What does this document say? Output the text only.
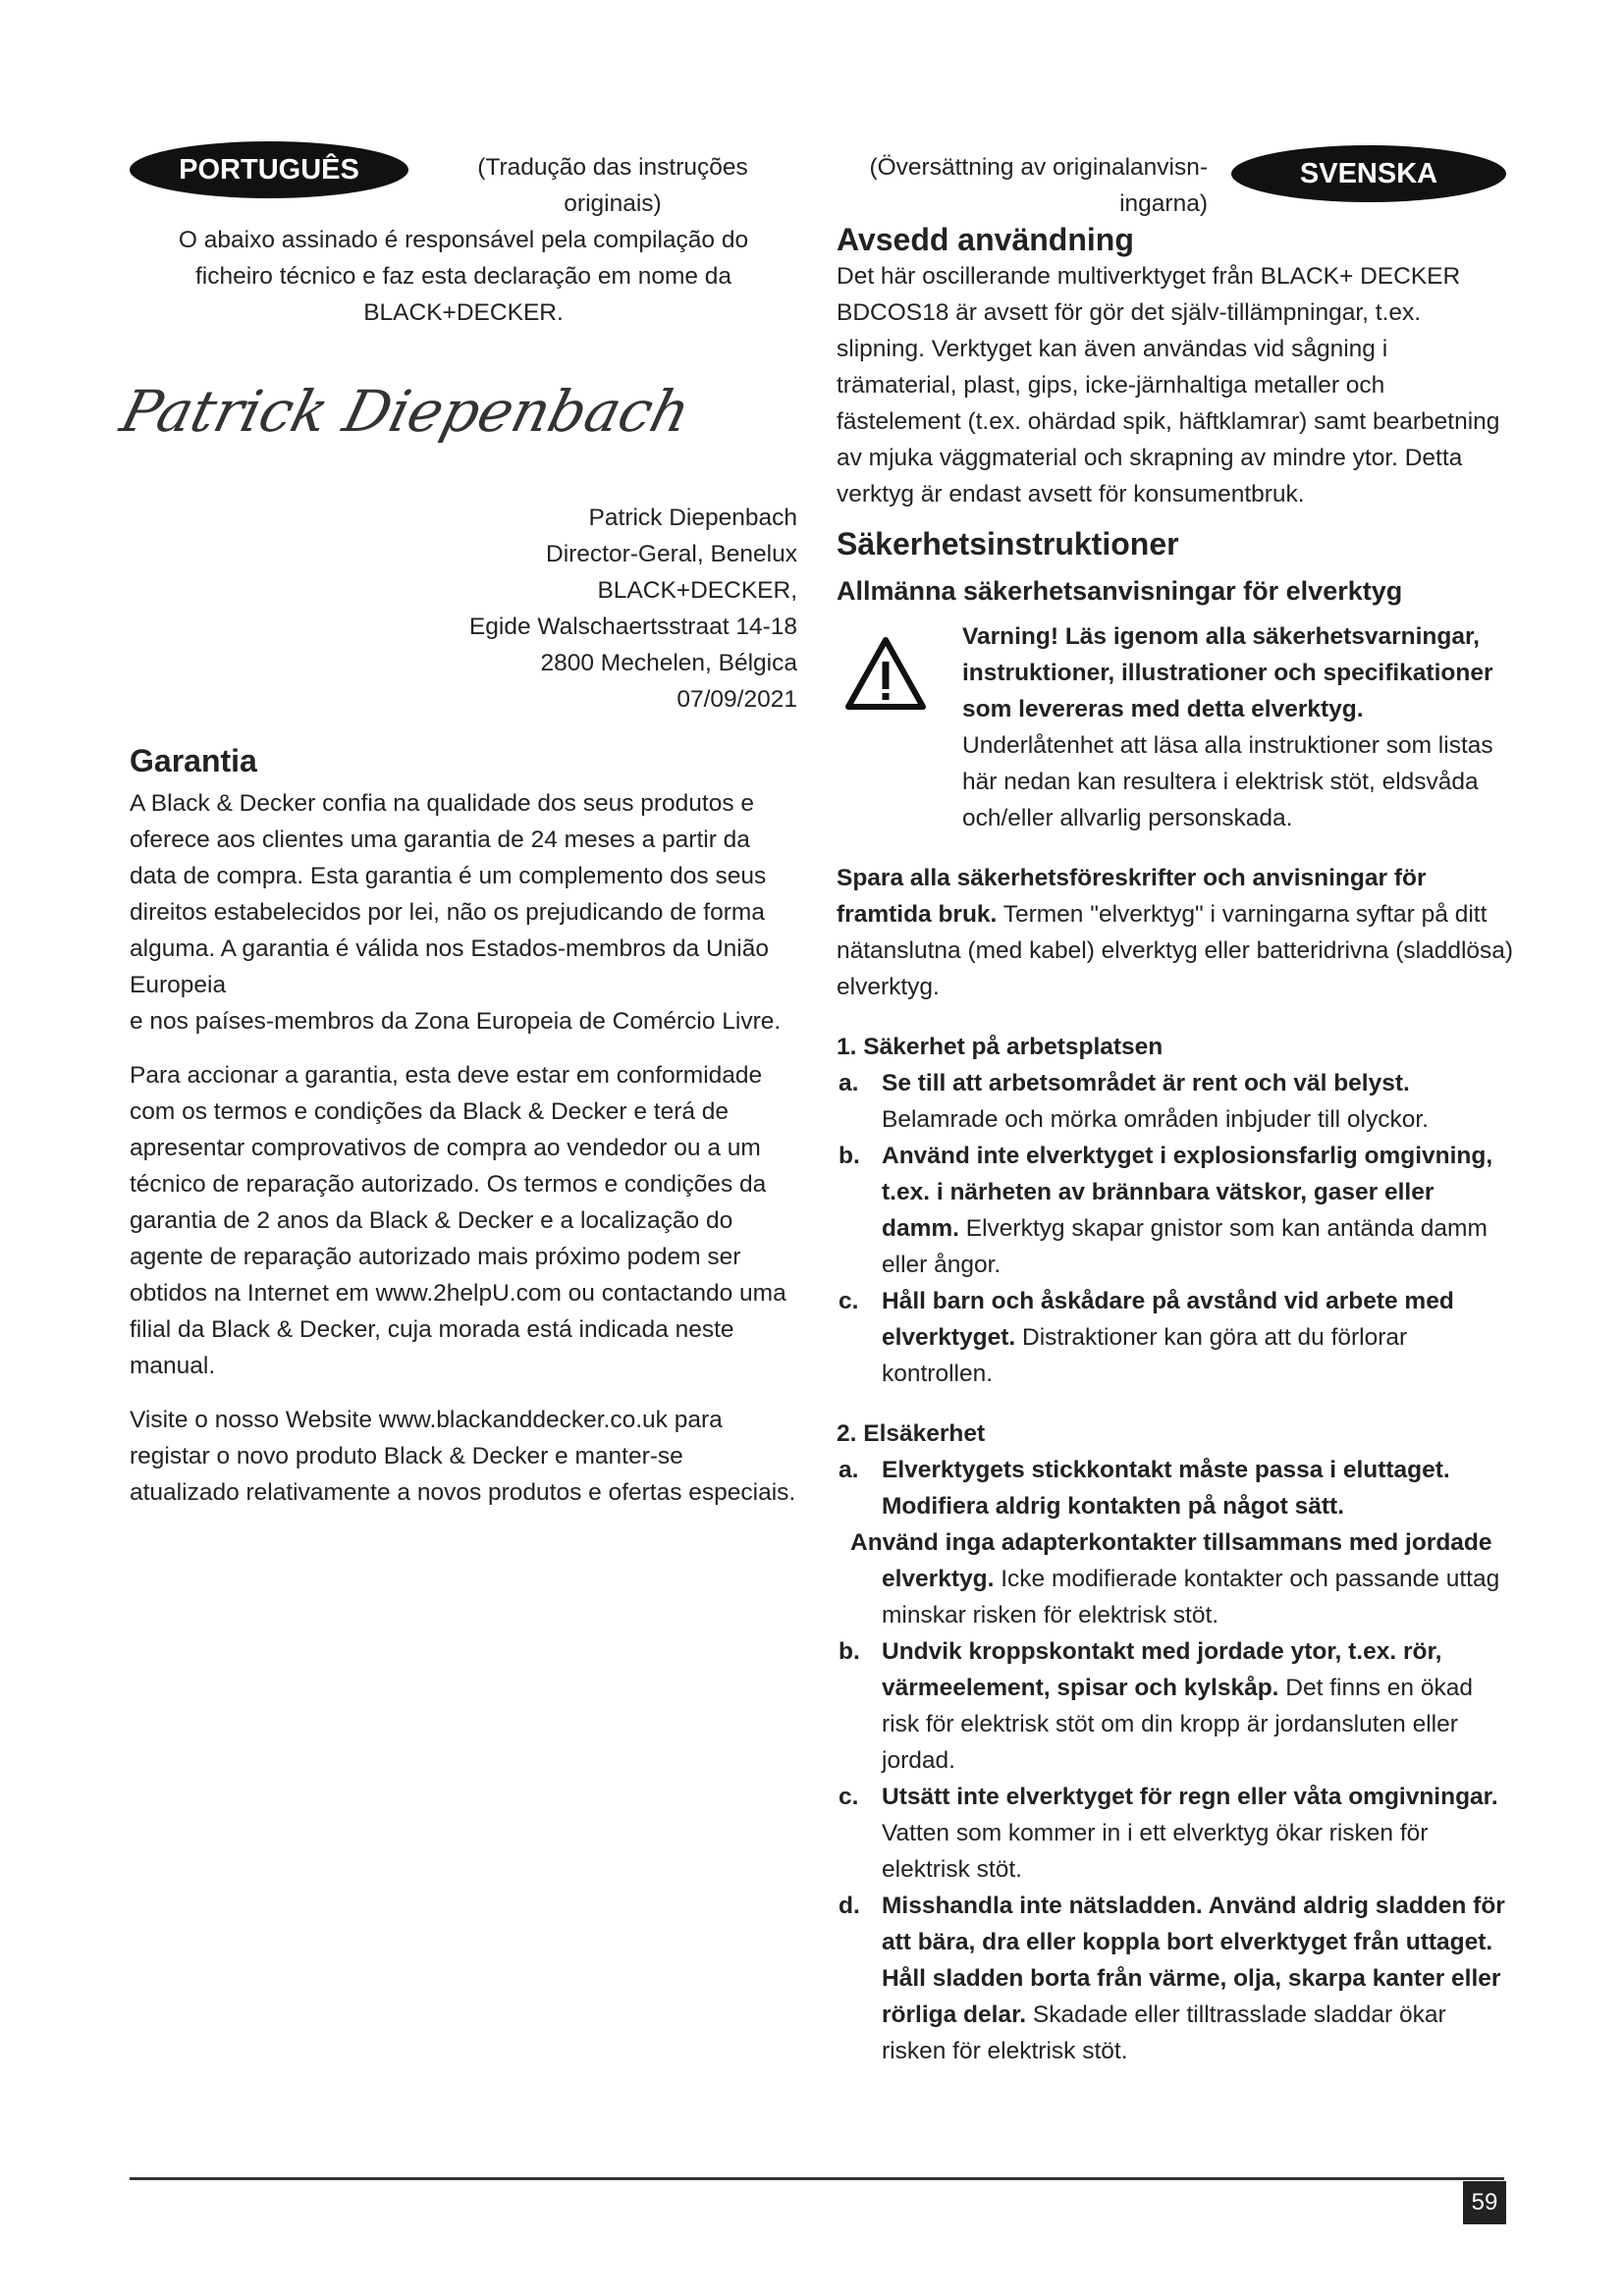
PORTUGUÊS	SVENSKA

(Tradução das instruções originais)

O abaixo assinado é responsável pela compilação do ficheiro técnico e faz esta declaração em nome da BLACK+DECKER.

Patrick Diepenbach

Patrick Diepenbach

Director-Geral, Benelux

BLACK+DECKER,

Egide Walschaertsstraat 14-18

2800 Mechelen, Bélgica

07/09/2021

Garantia

A Black & Decker confia na qualidade dos seus produtos e oferece aos clientes uma garantia de 24 meses a partir da data de compra. Esta garantia é um complemento dos seus direitos estabelecidos por lei, não os prejudicando de forma alguma. A garantia é válida nos Estados-membros da União Europeia

e nos países-membros da Zona Europeia de Comércio Livre.

Para accionar a garantia, esta deve estar em conformidade com os termos e condições da Black & Decker e terá de apresentar comprovativos de compra ao vendedor ou a um técnico de reparação autorizado. Os termos e condições da garantia de 2 anos da Black & Decker e a localização do agente de reparação autorizado mais próximo podem ser obtidos na Internet em www.2helpU.com ou contactando uma filial da Black & Decker, cuja morada está indicada neste manual.

Visite o nosso Website www.blackanddecker.co.uk para registar o novo produto Black & Decker e manter-se atualizado relativamente a novos produtos e ofertas especiais.

(Översättning av originalanvisn-ingarna)

Avsedd användning

Det här oscillerande multiverktyget från BLACK+ DECKER BDCOS18 är avsett för gör det själv-tillämpningar, t.ex. slipning. Verktyget kan även användas vid sågning i trämaterial, plast, gips, icke-järnhaltiga metaller och fästelement (t.ex. ohärdad spik, häftklamrar) samt bearbetning av mjuka väggmaterial och skrapning av mindre ytor. Detta verktyg är endast avsett för konsumentbruk.

Säkerhetsinstruktioner
Allmänna säkerhetsanvisningar för elverktyg

Varning! Läs igenom alla säkerhetsvarningar, instruktioner, illustrationer och specifikationer som levereras med detta elverktyg.

Underlåtenhet att läsa alla instruktioner som listas här nedan kan resultera i elektrisk stöt, eldsvåda och/eller allvarlig personskada.

Spara alla säkerhetsföreskrifter och anvisningar för framtida bruk. Termen "elverktyg" i varningarna syftar på ditt nätanslutna (med kabel) elverktyg eller batteridrivna (sladdlösa) elverktyg.

1. Säkerhet på arbetsplatsen

a. Se till att arbetsområdet är rent och väl belyst. Belamrade och mörka områden inbjuder till olyckor.
b. Använd inte elverktyget i explosionsfarlig omgivning, t.ex. i närheten av brännbara vätskor, gaser eller damm. Elverktyg skapar gnistor som kan antända damm eller ångor.
c. Håll barn och åskådare på avstånd vid arbete med elverktyget. Distraktioner kan göra att du förlorar kontrollen.

2. Elsäkerhet

a. Elverktygets stickkontakt måste passa i eluttaget. Modifiera aldrig kontakten på något sätt.
Använd inga adapterkontakter tillsammans med jordade elverktyg. Icke modifierade kontakter och passande uttag minskar risken för elektrisk stöt.
b. Undvik kroppskontakt med jordade ytor, t.ex. rör, värmeelement, spisar och kylskåp. Det finns en ökad risk för elektrisk stöt om din kropp är jordansluten eller jordad.
c. Utsätt inte elverktyget för regn eller våta omgivningar. Vatten som kommer in i ett elverktyg ökar risken för elektrisk stöt.
d. Misshandla inte nätsladden. Använd aldrig sladden för att bära, dra eller koppla bort elverktyget från uttaget. Håll sladden borta från värme, olja, skarpa kanter eller rörliga delar. Skadade eller tilltrasslade sladdar ökar risken för elektrisk stöt.
59
